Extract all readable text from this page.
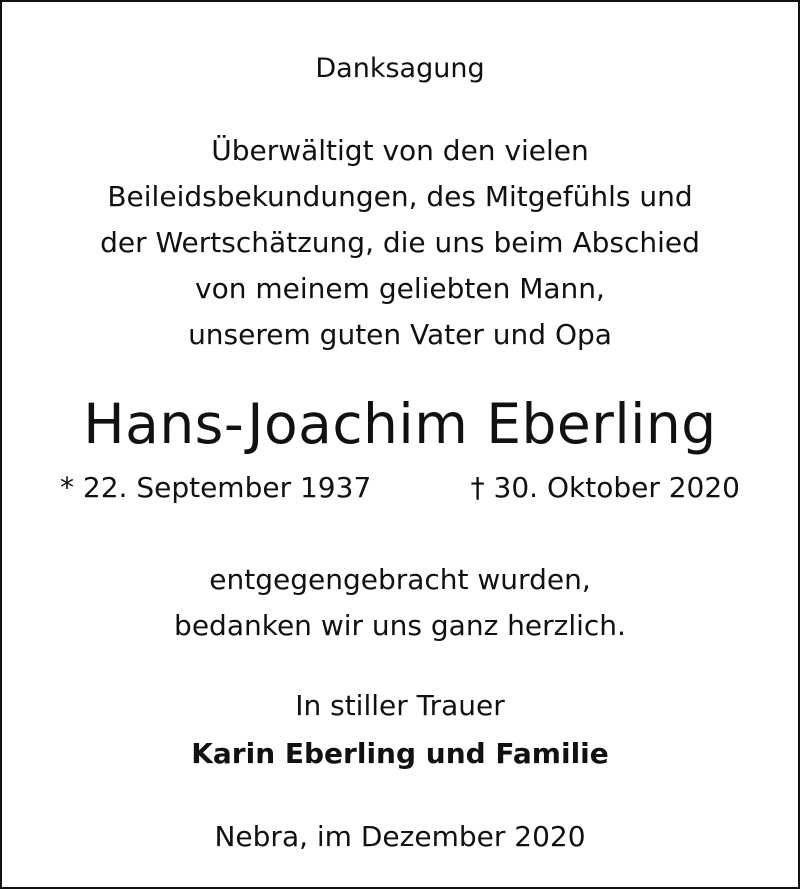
Danksagung
Überwältigt von den vielen
Beileidsbekundungen, des Mitgefühls und
der Wertschätzung, die uns beim Abschied
von meinem geliebten Mann,
unserem guten Vater und Opa
Hans-Joachim Eberling
* 22. September 1937	† 30. Oktober 2020
entgegengebracht wurden,
bedanken wir uns ganz herzlich.
In stiller Trauer
Karin Eberling und Familie
Nebra, im Dezember 2020
